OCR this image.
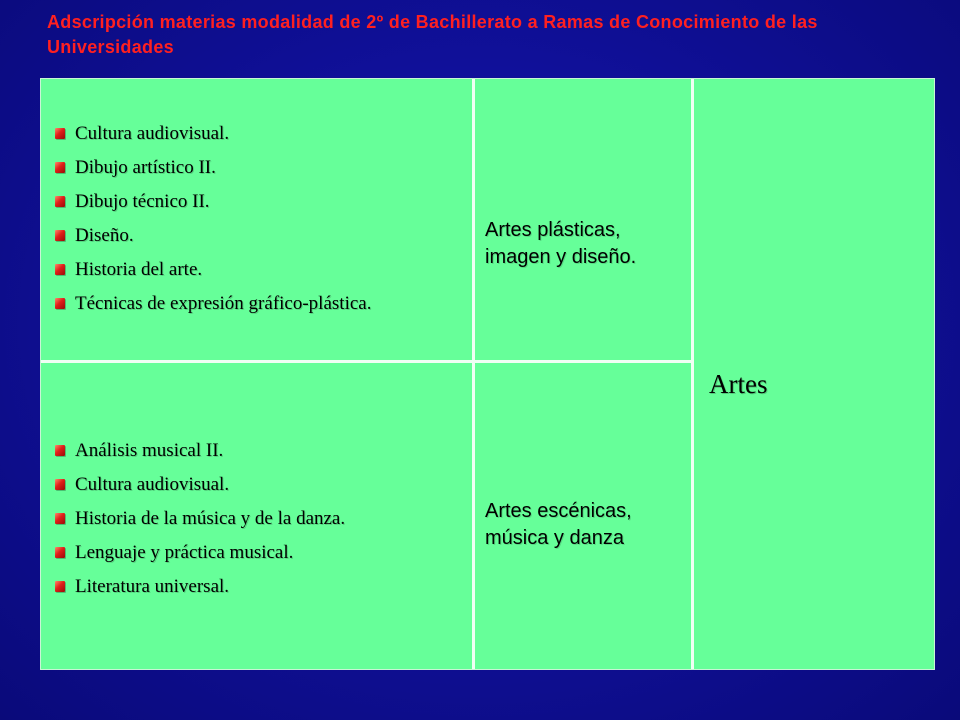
Adscripción materias modalidad de 2º de Bachillerato a Ramas de Conocimiento de las Universidades
Cultura audiovisual.
Dibujo artístico II.
Dibujo técnico II.
Diseño.
Historia del arte.
Técnicas de expresión gráfico-plástica.
Artes plásticas, imagen y diseño.
Análisis musical II.
Cultura audiovisual.
Historia de la música y de la danza.
Lenguaje y práctica musical.
Literatura universal.
Artes escénicas, música y danza
Artes
